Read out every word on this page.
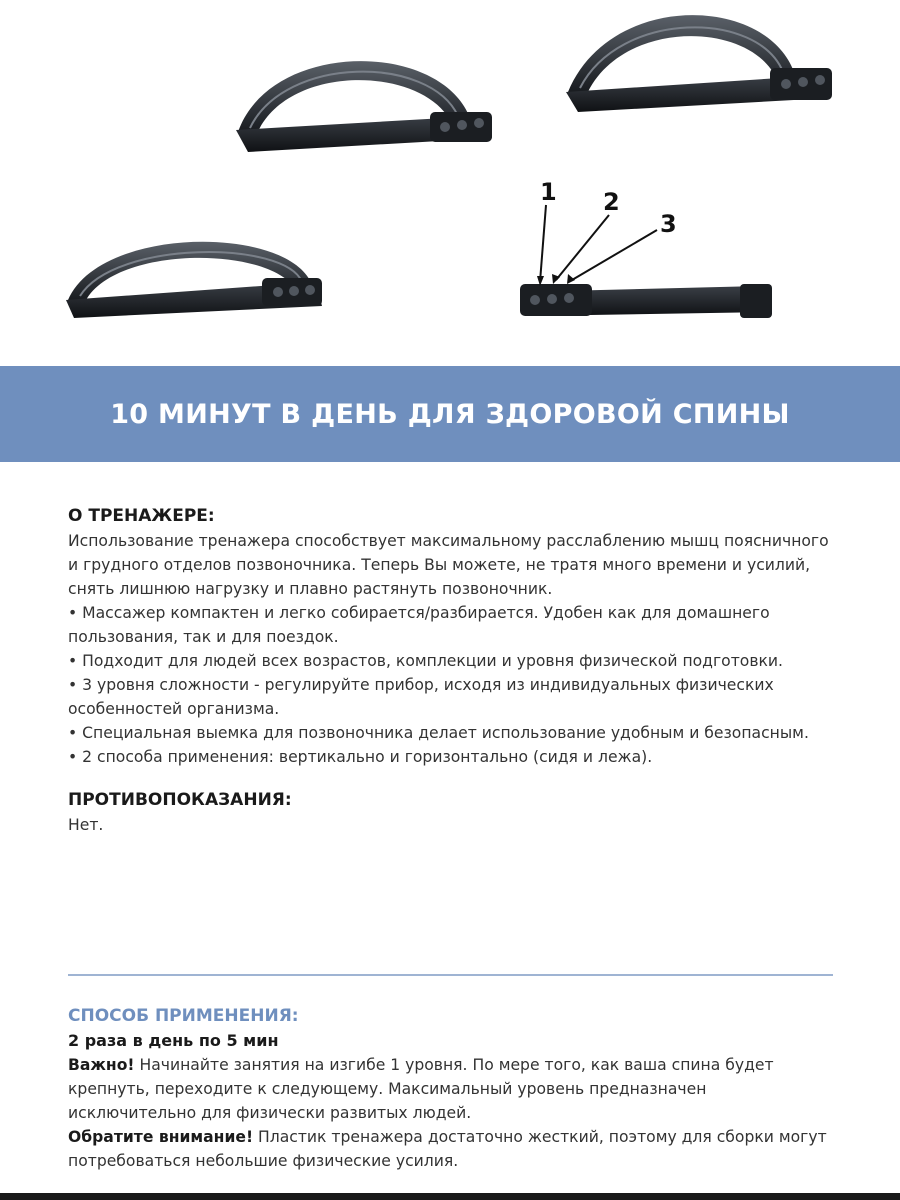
1 2
3
10 МИНУТ В ДЕНЬ ДЛЯ ЗДОРОВОЙ СПИНЫ
О ТРЕНАЖЕРЕ:
Использование тренажера способствует максимальному расслаблению мышц поясничного и грудного отделов позвоночника. Теперь Вы можете, не тратя много времени и усилий, снять лишнюю нагрузку и плавно растянуть позвоночник.
• Массажер компактен и легко собирается/разбирается. Удобен как для домашнего пользования, так и для поездок.
• Подходит для людей всех возрастов, комплекции и уровня физической подготовки.
• 3 уровня сложности - регулируйте прибор, исходя из индивидуальных физических особенностей организма.
• Специальная выемка для позвоночника делает использование удобным и безопасным.
• 2 способа применения: вертикально и горизонтально (сидя и лежа).
ПРОТИВОПОКАЗАНИЯ:
Нет.
СПОСОБ ПРИМЕНЕНИЯ:
2 раза в день по 5 мин
Важно! Начинайте занятия на изгибе 1 уровня. По мере того, как ваша спина будет крепнуть, переходите к следующему. Максимальный уровень предназначен исключительно для физически развитых людей.
Обратите внимание! Пластик тренажера достаточно жесткий, поэтому для сборки могут потребоваться небольшие физические усилия.
